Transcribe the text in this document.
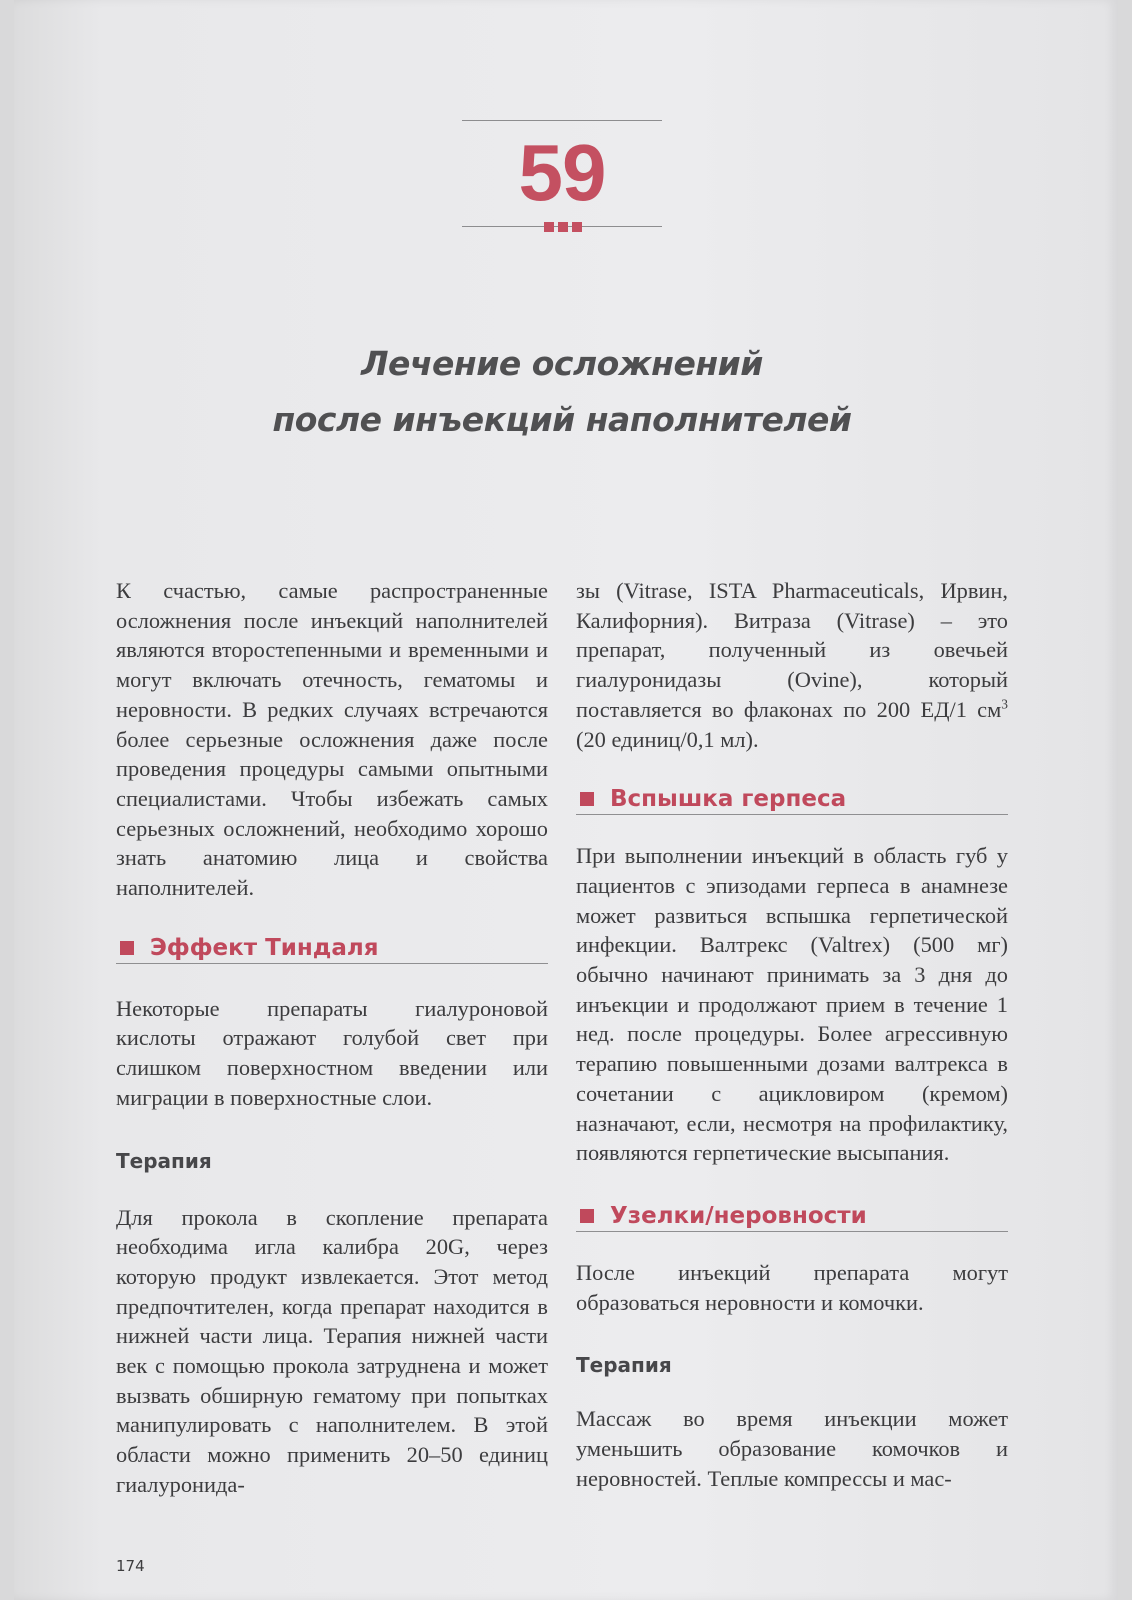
59
Лечение осложнений
после инъекций наполнителей

К счастью, самые распространенные осложнения после инъекций наполнителей являются второстепенными и временными и могут включать отечность, гематомы и неровности. В редких случаях встречаются более серьезные осложнения даже после проведения процедуры самыми опытными специалистами. Чтобы избежать самых серьезных осложнений, необходимо хорошо знать анатомию лица и свойства наполнителей.

Эффект Тиндаля

Некоторые препараты гиалуроновой кислоты отражают голубой свет при слишком поверхностном введении или миграции в поверхностные слои.

Терапия

Для прокола в скопление препарата необходима игла калибра 20G, через которую продукт извлекается. Этот метод предпочтителен, когда препарат находится в нижней части лица. Терапия нижней части век с помощью прокола затруднена и может вызвать обширную гематому при попытках манипулировать с наполнителем. В этой области можно применить 20–50 единиц гиалуронида-

зы (Vitrase, ISTA Pharmaceuticals, Ирвин, Калифорния). Витраза (Vitrase) – это препарат, полученный из овечьей гиалуронидазы (Ovine), который поставляется во флаконах по 200 ЕД/1 $см^3$ (20 единиц/0,1 мл).

Вспышка герпеса

При выполнении инъекций в область губ у пациентов с эпизодами герпеса в анамнезе может развиться вспышка герпетической инфекции. Валтрекс (Valtrex) (500 мг) обычно начинают принимать за 3 дня до инъекции и продолжают прием в течение 1 нед. после процедуры. Более агрессивную терапию повышенными дозами валтрекса в сочетании с ацикловиром (кремом) назначают, если, несмотря на профилактику, появляются герпетические высыпания.

Узелки/неровности

После инъекций препарата могут образоваться неровности и комочки.

Терапия

Массаж во время инъекции может уменьшить образование комочков и неровностей. Теплые компрессы и мас-

174
